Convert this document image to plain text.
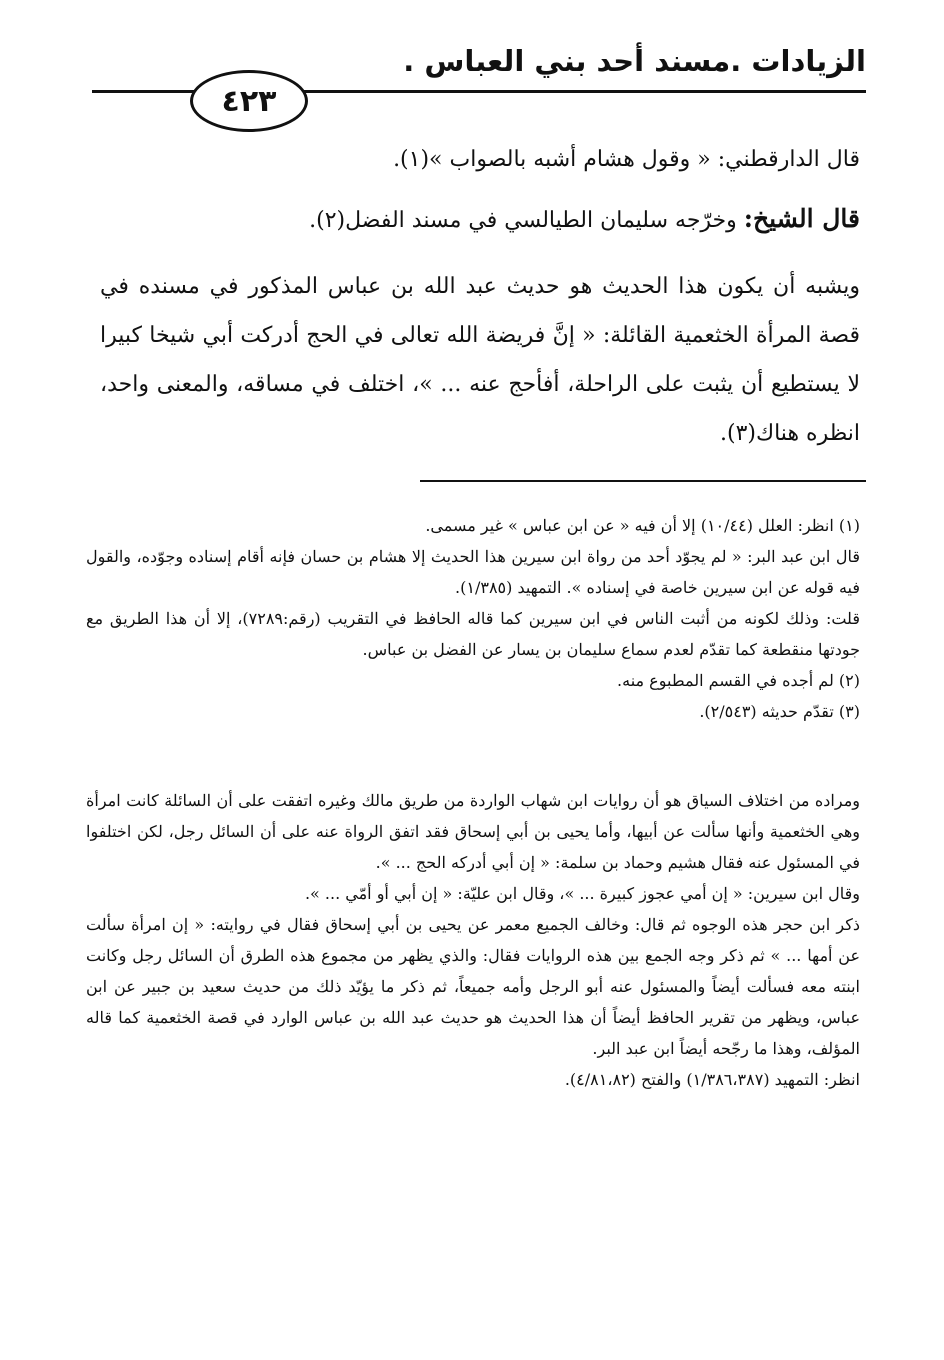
الزيادات .مسند أحد بني العباس .
٤٢٣
قال الدارقطني: « وقول هشام أشبه بالصواب »(١).
قال الشيخ: وخرّجه سليمان الطيالسي في مسند الفضل(٢).
ويشبه أن يكون هذا الحديث هو حديث عبد الله بن عباس المذكور في مسنده في قصة المرأة الخثعمية القائلة: « إنَّ فريضة الله تعالى في الحج أدركت أبي شيخا كبيرا لا يستطيع أن يثبت على الراحلة، أفأحج عنه ... »، اختلف في مساقه، والمعنى واحد، انظره هناك(٣).

(١) انظر: العلل (١٠/٤٤) إلا أن فيه « عن ابن عباس » غير مسمى.

قال ابن عبد البر: « لم يجوّد أحد من رواة ابن سيرين هذا الحديث إلا هشام بن حسان فإنه أقام إسناده وجوّده، والقول فيه قوله عن ابن سيرين خاصة في إسناده ». التمهيد (١/٣٨٥).

قلت: وذلك لكونه من أثبت الناس في ابن سيرين كما قاله الحافظ في التقريب (رقم:٧٢٨٩)، إلا أن هذا الطريق مع جودتها منقطعة كما تقدّم لعدم سماع سليمان بن يسار عن الفضل بن عباس.

(٢) لم أجده في القسم المطبوع منه.

(٣) تقدّم حديثه (٢/٥٤٣).

ومراده من اختلاف السياق هو أن روايات ابن شهاب الواردة من طريق مالك وغيره اتفقت على أن السائلة كانت امرأة وهي الخثعمية وأنها سألت عن أبيها، وأما يحيى بن أبي إسحاق فقد اتفق الرواة عنه على أن السائل رجل، لكن اختلفوا في المسئول عنه فقال هشيم وحماد بن سلمة: « إن أبي أدركه الحج ... ».

وقال ابن سيرين: « إن أمي عجوز كبيرة ... »، وقال ابن عليّة: « إن أبي أو أمّي ... ».

ذكر ابن حجر هذه الوجوه ثم قال: وخالف الجميع معمر عن يحيى بن أبي إسحاق فقال في روايته: « إن امرأة سألت عن أمها ... » ثم ذكر وجه الجمع بين هذه الروايات فقال: والذي يظهر من مجموع هذه الطرق أن السائل رجل وكانت ابنته معه فسألت أيضاً والمسئول عنه أبو الرجل وأمه جميعاً، ثم ذكر ما يؤيّد ذلك من حديث سعيد بن جبير عن ابن عباس، ويظهر من تقرير الحافظ أيضاً أن هذا الحديث هو حديث عبد الله بن عباس الوارد في قصة الخثعمية كما قاله المؤلف، وهذا ما رجّحه أيضاً ابن عبد البر.

انظر: التمهيد (١/٣٨٦،٣٨٧) والفتح (٤/٨١،٨٢).
